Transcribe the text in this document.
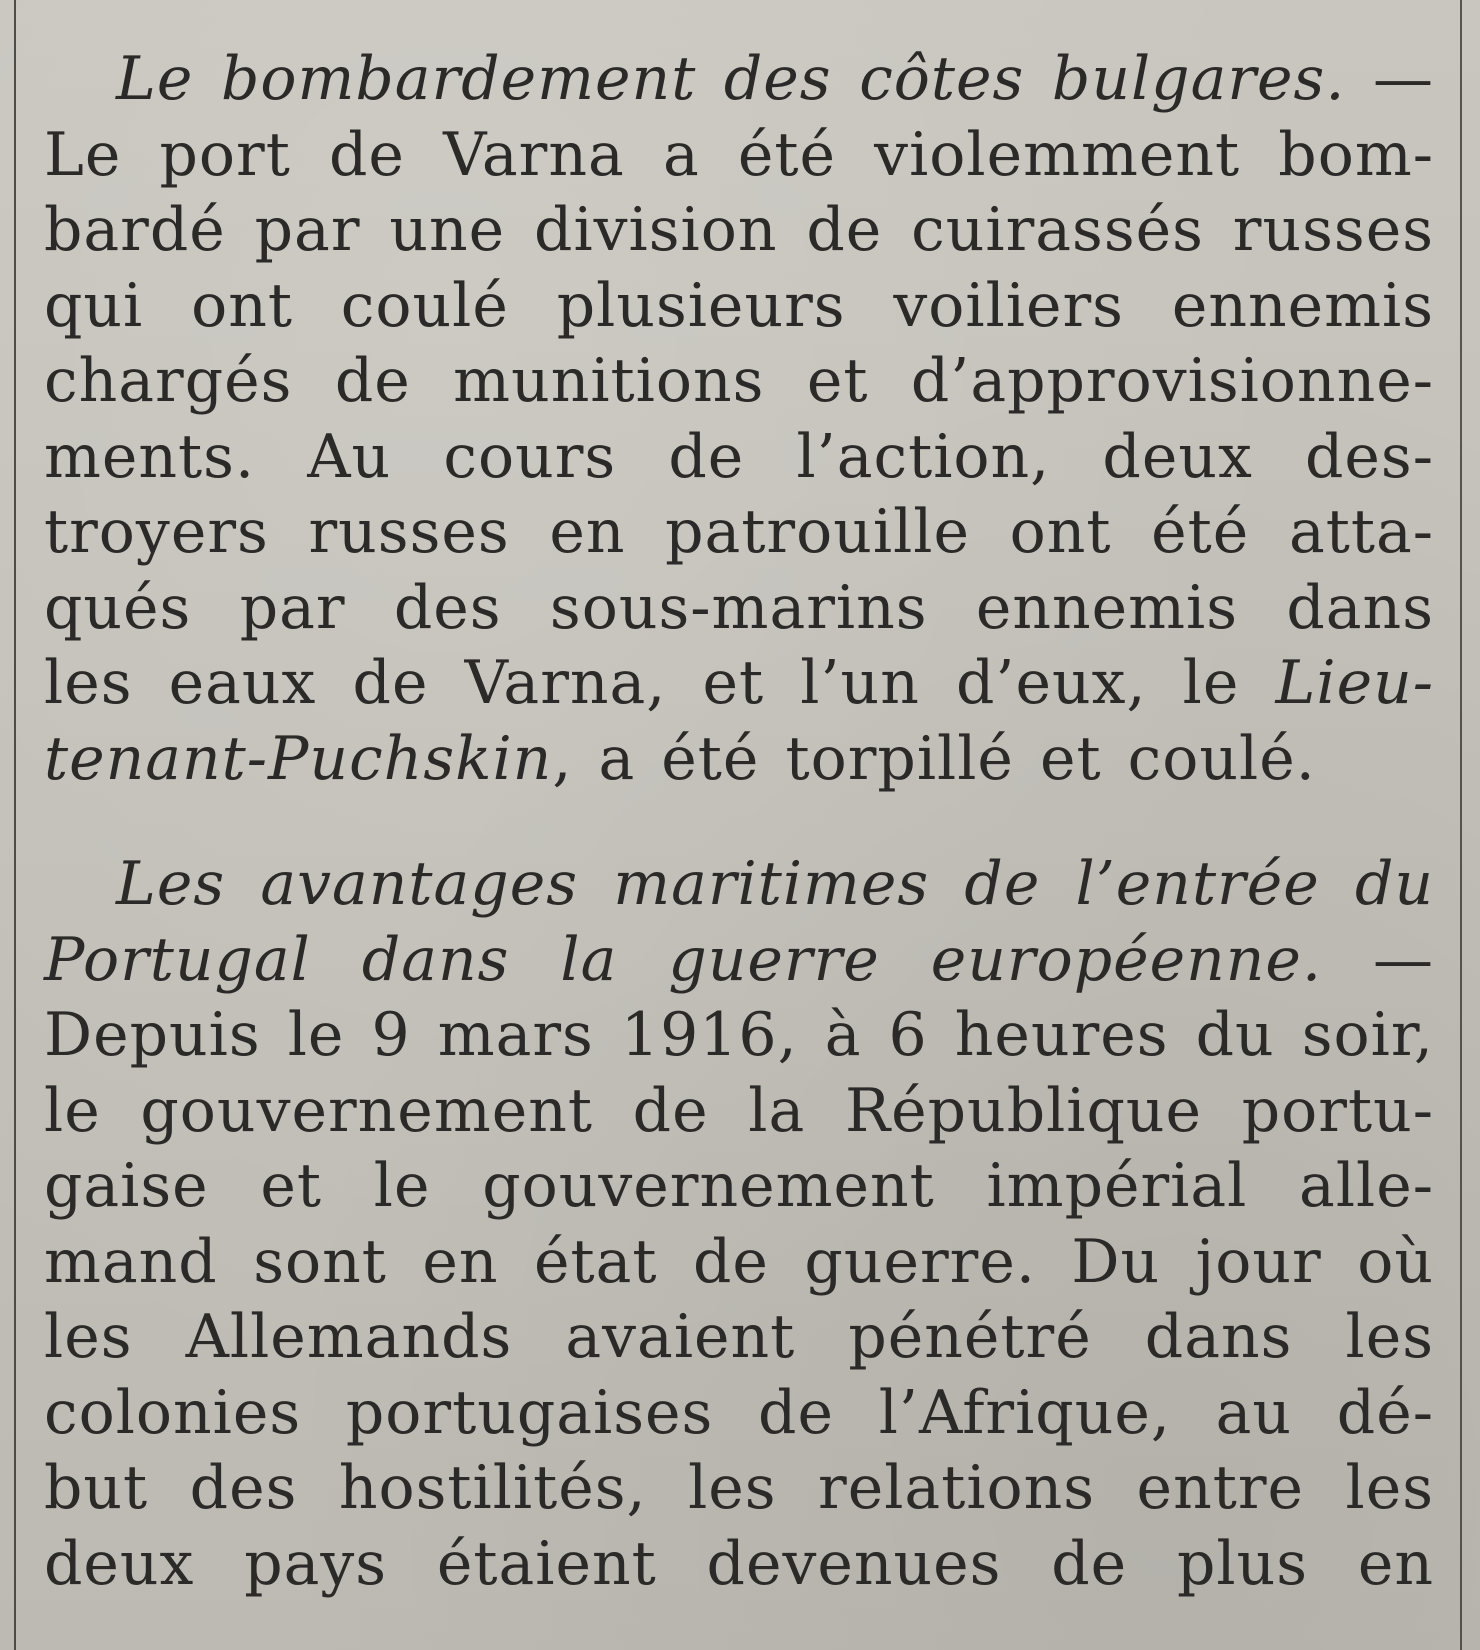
Le bombardement des côtes bulgares. —
Le port de Varna a été violemment bom-
bardé par une division de cuirassés russes
qui ont coulé plusieurs voiliers ennemis
chargés de munitions et d’approvisionne-
ments. Au cours de l’action, deux des-
troyers russes en patrouille ont été atta-
qués par des sous-marins ennemis dans
les eaux de Varna, et l’un d’eux, le Lieu-
tenant-Puchskin, a été torpillé et coulé.
Les avantages maritimes de l’entrée du
Portugal dans la guerre européenne. —
Depuis le 9 mars 1916, à 6 heures du soir,
le gouvernement de la République portu-
gaise et le gouvernement impérial alle-
mand sont en état de guerre. Du jour où
les Allemands avaient pénétré dans les
colonies portugaises de l’Afrique, au dé-
but des hostilités, les relations entre les
deux pays étaient devenues de plus en
